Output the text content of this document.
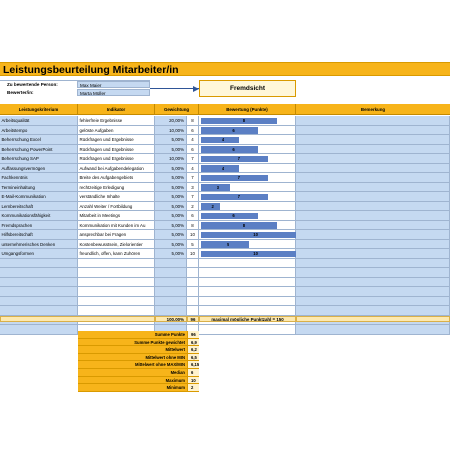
Leistungsbeurteilung Mitarbeiter/in
Zu bewertende Person:	Max Maier
Bewerter/in:	Marta Müller
Fremdsicht
Leistungskriterium	Indikator	Gewichtung	Bewertung (Punkte)	Bemerkung
Arbeitsqualität	fehlerfreie Ergebnisse	20,00%	8	8
Arbeitstempo	gelöste Aufgaben	10,00%	6	6
Beherrschung Excel	Rückfragen und Ergebnisse	5,00%	4	4
Beherrschung PowerPoint	Rückfragen und Ergebnisse	5,00%	6	6
Beherrschung SAP	Rückfragen und Ergebnisse	10,00%	7	7
Auffassungsvermögen	Aufwand bei Aufgabendelegation	5,00%	4	4
Fachkenntnis	Breite des Aufgabengebiets	5,00%	7	7
Termineinhaltung	rechtzeitige Erledigung	5,00%	3	3
E-Mail-Kommunikation	verständliche Inhalte	5,00%	7	7
Lernbereitschaft	Anzahl Weiter / Fortbildung	5,00%	2	2
Kommunikationsfähigkeit	Mitarbeit in Meetings	5,00%	6	6
Fremdsprachen	Kommunikation mit Kunden im Au	5,00%	8	8
Hilfsbereitschaft	ansprechbar bei Fragen	5,00%	10	10
unternehmerisches Denken	Kostenbewusstsein, Zielorientier	5,00%	5	5
Umgangsformen	freundlich, offen, kann Zuhören	5,00%	10	10
100,00%	96	maximal mögliche Punktzahl = 150
Summe Punkte	96
Summe Punkte gewichtet	6,9
Mittelwert	6,2
Mittelwert ohne MIN	6,5
Mittelwert ohne MAX/MIN	6,15
Median	6
Maximum	10
Minimum	2
